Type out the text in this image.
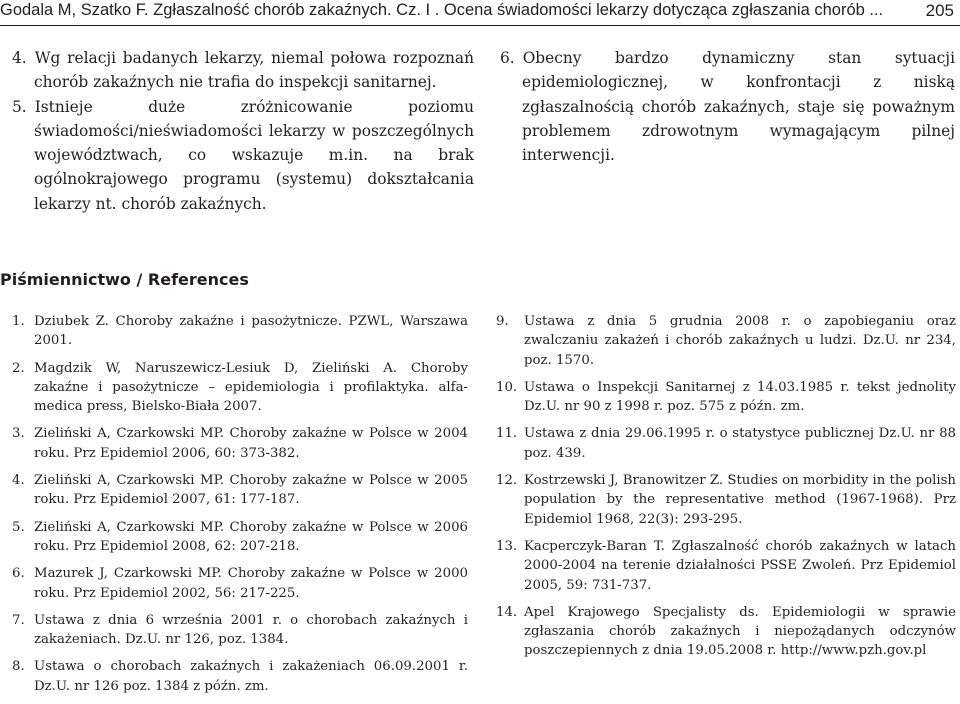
Godala M, Szatko F. Zgłaszalność chorób zakaźnych. Cz. I . Ocena świadomości lekarzy dotycząca zgłaszania chorób ... 205

4. Wg relacji badanych lekarzy, niemal połowa rozpoznań chorób zakaźnych nie trafia do inspekcji sanitarnej.

5. Istnieje duże zróżnicowanie poziomu świadomości/nieświadomości lekarzy w poszczególnych województwach, co wskazuje m.in. na brak ogólnokrajowego programu (systemu) dokształcania lekarzy nt. chorób zakaźnych.

6. Obecny bardzo dynamiczny stan sytuacji epidemiologicznej, w konfrontacji z niską zgłaszalnością chorób zakaźnych, staje się poważnym problemem zdrowotnym wymagającym pilnej interwencji.

Piśmiennictwo / References
1. Dziubek Z. Choroby zakaźne i pasożytnicze. PZWL, Warszawa 2001.
2. Magdzik W, Naruszewicz-Lesiuk D, Zieliński A. Choroby zakaźne i pasożytnicze – epidemiologia i profilaktyka. alfa-medica press, Bielsko-Biała 2007.
3. Zieliński A, Czarkowski MP. Choroby zakaźne w Polsce w 2004 roku. Prz Epidemiol 2006, 60: 373-382.
4. Zieliński A, Czarkowski MP. Choroby zakaźne w Polsce w 2005 roku. Prz Epidemiol 2007, 61: 177-187.
5. Zieliński A, Czarkowski MP. Choroby zakaźne w Polsce w 2006 roku. Prz Epidemiol 2008, 62: 207-218.
6. Mazurek J, Czarkowski MP. Choroby zakaźne w Polsce w 2000 roku. Prz Epidemiol 2002, 56: 217-225.
7. Ustawa z dnia 6 września 2001 r. o chorobach zakaźnych i zakażeniach. Dz.U. nr 126, poz. 1384.
8. Ustawa o chorobach zakaźnych i zakażeniach 06.09.2001 r. Dz.U. nr 126 poz. 1384 z późn. zm.
9. Ustawa z dnia 5 grudnia 2008 r. o zapobieganiu oraz zwalczaniu zakażeń i chorób zakaźnych u ludzi. Dz.U. nr 234, poz. 1570.
10. Ustawa o Inspekcji Sanitarnej z 14.03.1985 r. tekst jednolity Dz.U. nr 90 z 1998 r. poz. 575 z późn. zm.
11. Ustawa z dnia 29.06.1995 r. o statystyce publicznej Dz.U. nr 88 poz. 439.
12. Kostrzewski J, Branowitzer Z. Studies on morbidity in the polish population by the representative method (1967-1968). Prz Epidemiol 1968, 22(3): 293-295.
13. Kacperczyk-Baran T. Zgłaszalność chorób zakaźnych w latach 2000-2004 na terenie działalności PSSE Zwoleń. Prz Epidemiol 2005, 59: 731-737.
14. Apel Krajowego Specjalisty ds. Epidemiologii w sprawie zgłaszania chorób zakaźnych i niepożądanych odczynów poszczepiennych z dnia 19.05.2008 r. http://www.pzh.gov.pl
